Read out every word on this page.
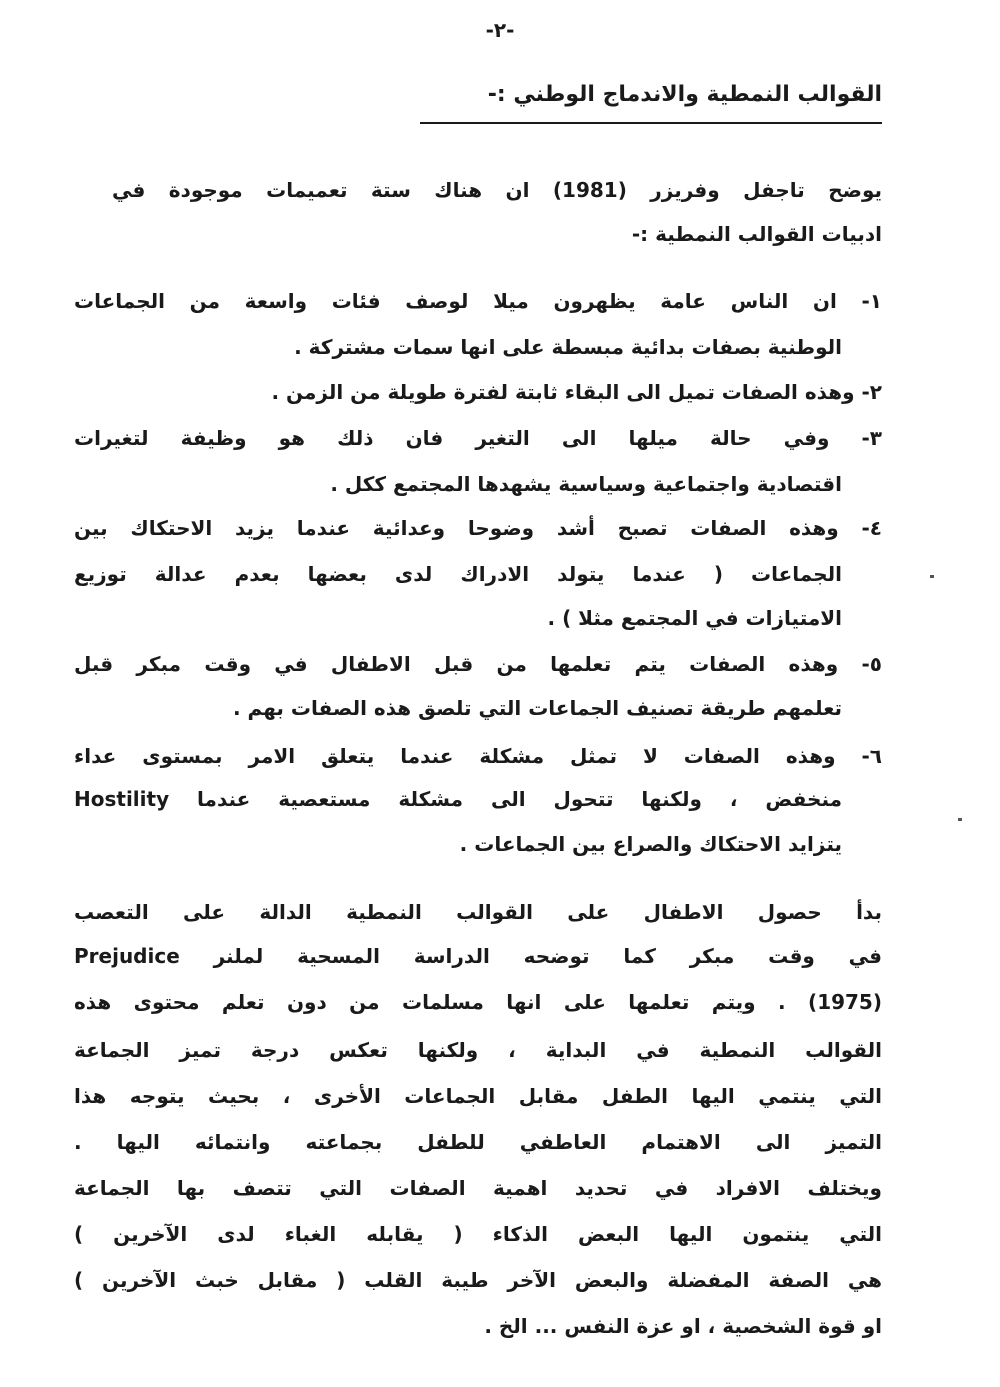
-٢-
القوالب النمطية والاندماج الوطني :-
يوضح تاجفل وفريزر (1981) ان هناك ستة تعميمات موجودة في
ادبيات القوالب النمطية :-
١- ان الناس عامة يظهرون ميلا لوصف فئات واسعة من الجماعات
الوطنية بصفات بدائية مبسطة على انها سمات مشتركة .
٢- وهذه الصفات تميل الى البقاء ثابتة لفترة طويلة من الزمن .
٣- وفي حالة ميلها الى التغير فان ذلك هو وظيفة لتغيرات
اقتصادية واجتماعية وسياسية يشهدها المجتمع ككل .
٤- وهذه الصفات تصبح أشد وضوحا وعدائية عندما يزيد الاحتكاك بين
الجماعات ( عندما يتولد الادراك لدى بعضها بعدم عدالة توزيع
الامتيازات في المجتمع مثلا ) .
٥- وهذه الصفات يتم تعلمها من قبل الاطفال في وقت مبكر قبل
تعلمهم طريقة تصنيف الجماعات التي تلصق هذه الصفات بهم .
٦- وهذه الصفات لا تمثل مشكلة عندما يتعلق الامر بمستوى عداء
Hostility منخفض ، ولكنها تتحول الى مشكلة مستعصية عندما
يتزايد الاحتكاك والصراع بين الجماعات .
بدأ حصول الاطفال على القوالب النمطية الدالة على التعصب
Prejudice في وقت مبكر كما توضحه الدراسة المسحية لملنر
(1975) . ويتم تعلمها على انها مسلمات من دون تعلم محتوى هذه
القوالب النمطية في البداية ، ولكنها تعكس درجة تميز الجماعة
التي ينتمي اليها الطفل مقابل الجماعات الأخرى ، بحيث يتوجه هذا
التميز الى الاهتمام العاطفي للطفل بجماعته وانتمائه اليها .
ويختلف الافراد في تحديد اهمية الصفات التي تتصف بها الجماعة
التي ينتمون اليها البعض الذكاء ( يقابله الغباء لدى الآخرين )
هي الصفة المفضلة والبعض الآخر طيبة القلب ( مقابل خبث الآخرين )
او قوة الشخصية ، او عزة النفس ... الخ .
